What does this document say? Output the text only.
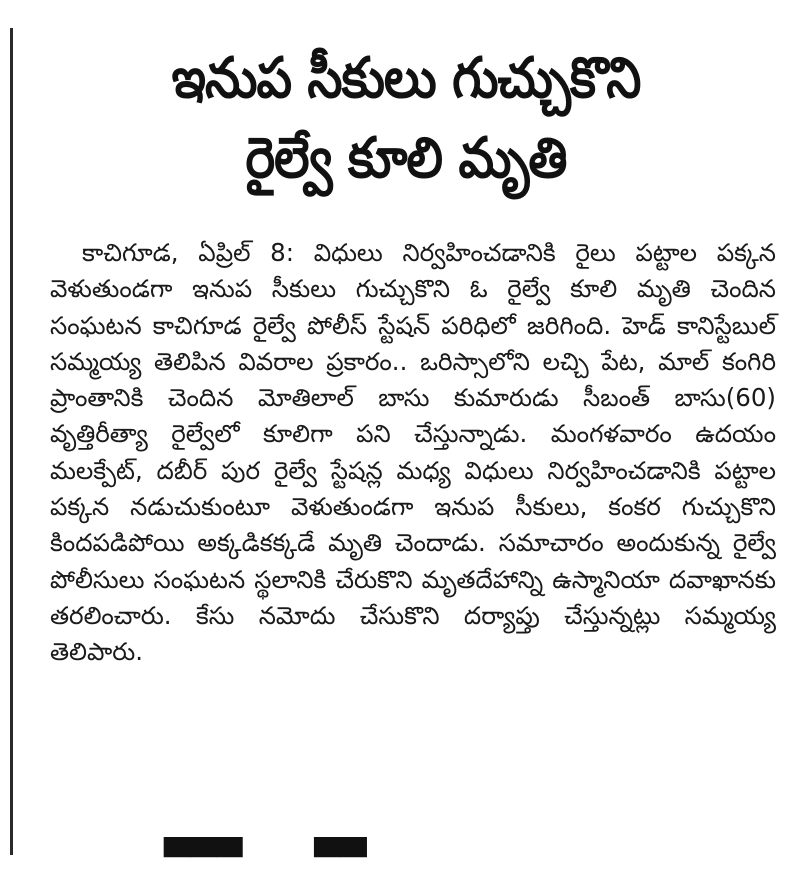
ఇనుప సీకులు గుచ్చుకొని
రైల్వే కూలి మృతి

కాచిగూడ, ఏప్రిల్ 8: విధులు నిర్వహించడానికి రైలు పట్టాల పక్కన వెళుతుండగా ఇనుప సీకులు గుచ్చుకొని ఓ రైల్వే కూలి మృతి చెందిన సంఘటన కాచిగూడ రైల్వే పోలీస్ స్టేషన్ పరిధిలో జరిగింది. హెడ్ కానిస్టేబుల్ సమ్మయ్య తెలిపిన వివరాల ప్రకారం.. ఒరిస్సాలోని లచ్చి పేట, మాల్ కంగిరి ప్రాంతానికి చెందిన మోతిలాల్ బాసు కుమారుడు సీబంత్ బాసు(60) వృత్తిరీత్యా రైల్వేలో కూలిగా పని చేస్తున్నాడు. మంగళవారం ఉదయం మలక్పేట్, దబీర్ పుర రైల్వే స్టేషన్ల మధ్య విధులు నిర్వహించడానికి పట్టాల పక్కన నడుచుకుంటూ వెళుతుండగా ఇనుప సీకులు, కంకర గుచ్చుకొని కిందపడిపోయి అక్కడికక్కడే మృతి చెందాడు. సమాచారం అందుకున్న రైల్వే పోలీసులు సంఘటన స్థలానికి చేరుకొని మృతదేహాన్ని ఉస్మానియా దవాఖానకు తరలించారు. కేసు నమోదు చేసుకొని దర్యాప్తు చేస్తున్నట్లు సమ్మయ్య తెలిపారు.

▀▀▀ ▀▀
